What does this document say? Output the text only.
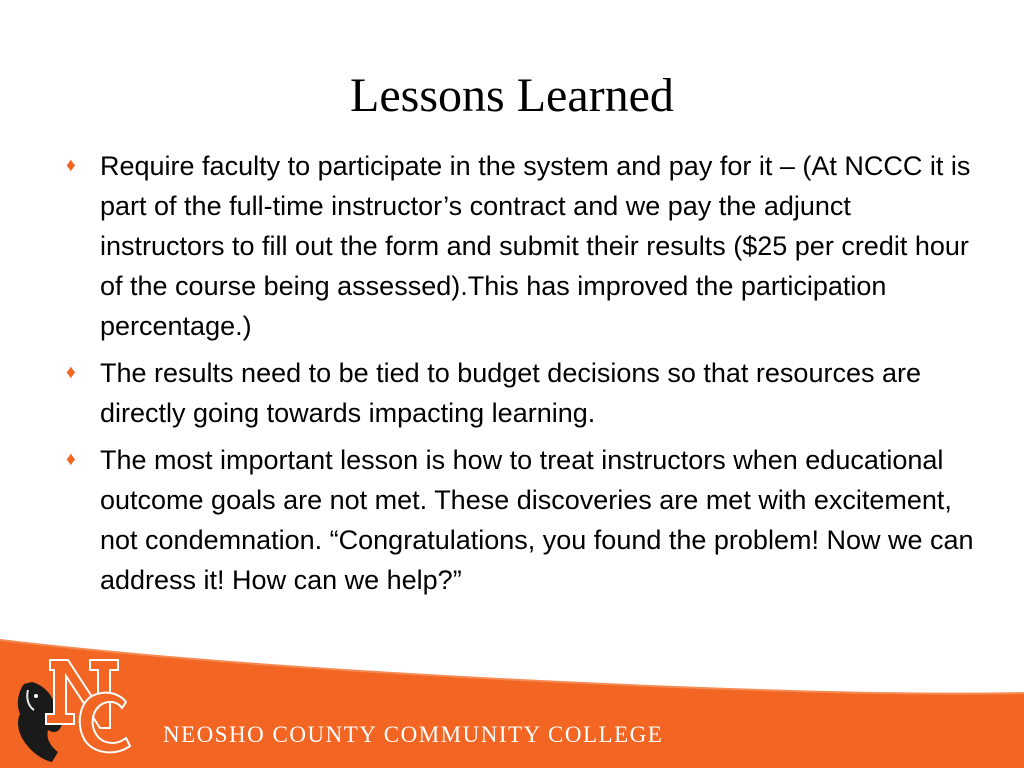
Lessons Learned
♦ Require faculty to participate in the system and pay for it – (At NCCC it is part of the full-time instructor’s contract and we pay the adjunct instructors to fill out the form and submit their results ($25 per credit hour of the course being assessed).This has improved the participation percentage.)
♦ The results need to be tied to budget decisions so that resources are directly going towards impacting learning.
♦ The most important lesson is how to treat instructors when educational outcome goals are not met. These discoveries are met with excitement, not condemnation. “Congratulations, you found the problem! Now we can address it! How can we help?”
NEOSHO COUNTY COMMUNITY COLLEGE
